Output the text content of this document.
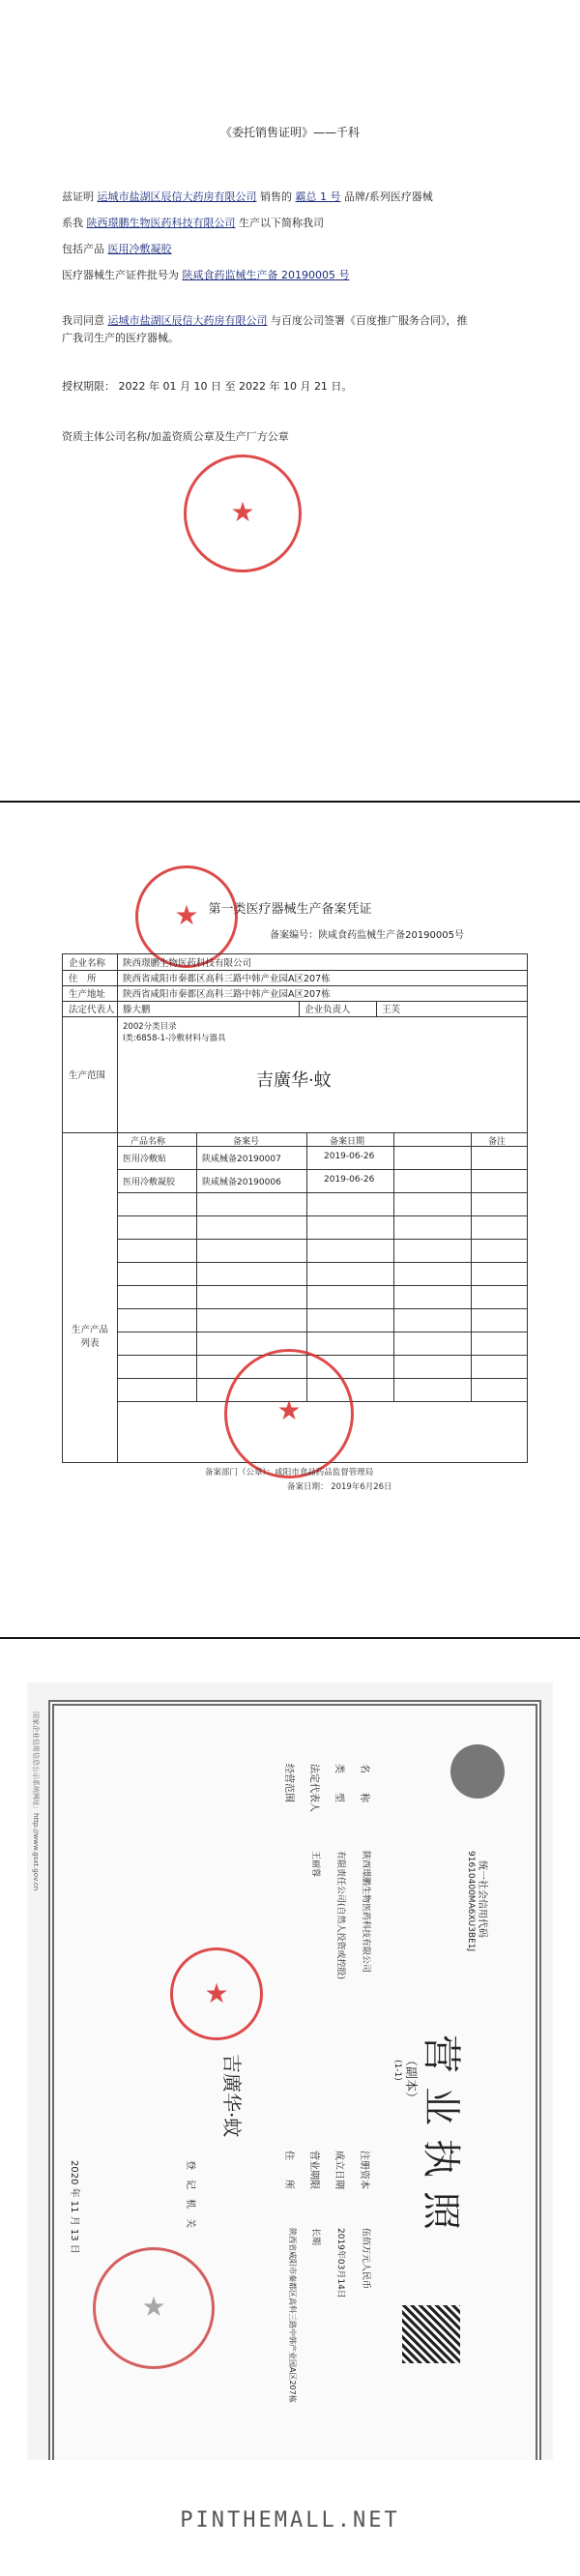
《委托销售证明》——千科
兹证明 运城市盐湖区辰信大药房有限公司 销售的 霸总 1 号 品牌/系列医疗器械
系我 陕西璟鹏生物医药科技有限公司 生产以下简称我司
包括产品 医用冷敷凝胶
医疗器械生产证件批号为 陕咸食药监械生产备 20190005 号
我司同意 运城市盐湖区辰信大药房有限公司 与百度公司签署《百度推广服务合同》，推
广我司生产的医疗器械。
授权期限： 2022 年 01 月 10 日 至 2022 年 10 月 21 日。
资质主体公司名称/加盖资质公章及生产厂方公章
★
★ 第一类医疗器械生产备案凭证
备案编号：陕咸食药监械生产备20190005号
企业名称 陕西璟鹏生物医药科技有限公司
住　所	陕西省咸阳市秦都区高科三路中韩产业园A区207栋
生产地址 陕西省咸阳市秦都区高科三路中韩产业园A区207栋
法定代表人 滕大鹏	企业负责人	王芙
生产范围
2002分类目录
Ⅰ类:6858-1-冷敷材料与器具
吉廣华·蚊
生产产品
列表
产品名称	备案号	备案日期	备注
医用冷敷贴	陕咸械备20190007	2019-06-26
医用冷敷凝胶	陕咸械备20190006	2019-06-26
★
备案部门（公章）：咸阳市食品药品监督管理局
备案日期： 2019年6月26日
营业执照
（副本）
(1-1)
统一社会信用代码
91610400MA6XU3BE1J
名　　称
陕西璟鹏生物医药科技有限公司
类　　型
有限责任公司(自然人投资或控股)
法定代表人
王丽蓉
经营范围
注册资本
伍佰万元人民币
成立日期
2019年03月14日
营业期限
长期
住　　所
陕西省咸阳市秦都区高科三路中韩产业园A区207栋
★
吉廣华·蚊
登　记　机　关
★
2020 年 11 月 13 日
国家企业信用信息公示系统网址：http://www.gsxt.gov.cn
PINTHEMALL.NET
